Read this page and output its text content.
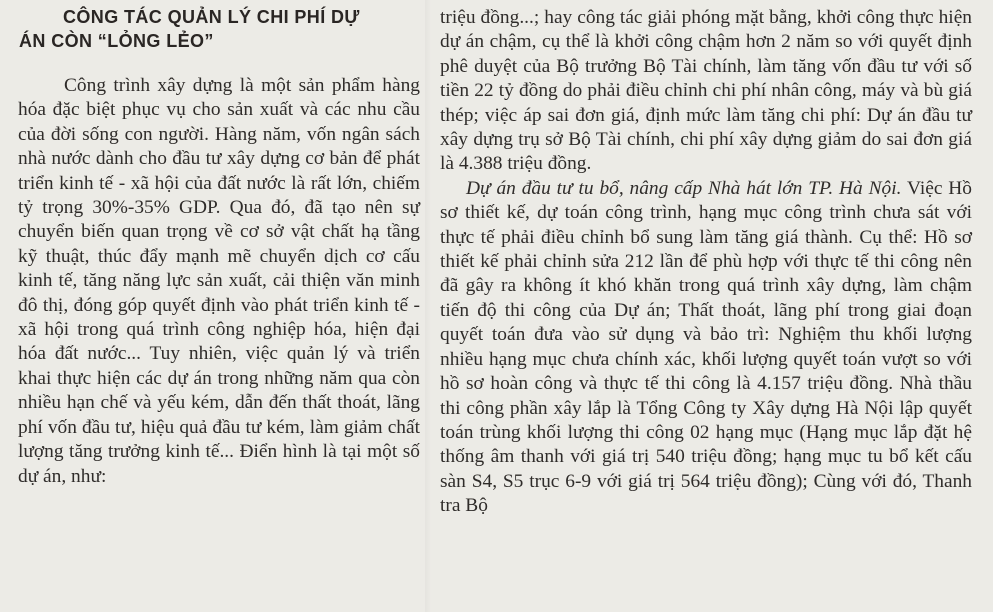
CÔNG TÁC QUẢN LÝ CHI PHÍ DỰ
ÁN CÒN “LỎNG LẺO”

Công trình xây dựng là một sản phẩm hàng hóa đặc biệt phục vụ cho sản xuất và các nhu cầu của đời sống con người. Hàng năm, vốn ngân sách nhà nước dành cho đầu tư xây dựng cơ bản để phát triển kinh tế - xã hội của đất nước là rất lớn, chiếm tỷ trọng 30%-35% GDP. Qua đó, đã tạo nên sự chuyển biến quan trọng về cơ sở vật chất hạ tầng kỹ thuật, thúc đẩy mạnh mẽ chuyển dịch cơ cấu kinh tế, tăng năng lực sản xuất, cải thiện văn minh đô thị, đóng góp quyết định vào phát triển kinh tế - xã hội trong quá trình công nghiệp hóa, hiện đại hóa đất nước... Tuy nhiên, việc quản lý và triển khai thực hiện các dự án trong những năm qua còn nhiều hạn chế và yếu kém, dẫn đến thất thoát, lãng phí vốn đầu tư, hiệu quả đầu tư kém, làm giảm chất lượng tăng trưởng kinh tế... Điển hình là tại một số dự án, như:

triệu đồng...; hay công tác giải phóng mặt bằng, khởi công thực hiện dự án chậm, cụ thể là khởi công chậm hơn 2 năm so với quyết định phê duyệt của Bộ trưởng Bộ Tài chính, làm tăng vốn đầu tư với số tiền 22 tỷ đồng do phải điều chỉnh chi phí nhân công, máy và bù giá thép; việc áp sai đơn giá, định mức làm tăng chi phí: Dự án đầu tư xây dựng trụ sở Bộ Tài chính, chi phí xây dựng giảm do sai đơn giá là 4.388 triệu đồng.

Dự án đầu tư tu bổ, nâng cấp Nhà hát lớn TP. Hà Nội. Việc Hồ sơ thiết kế, dự toán công trình, hạng mục công trình chưa sát với thực tế phải điều chỉnh bổ sung làm tăng giá thành. Cụ thể: Hồ sơ thiết kế phải chỉnh sửa 212 lần để phù hợp với thực tế thi công nên đã gây ra không ít khó khăn trong quá trình xây dựng, làm chậm tiến độ thi công của Dự án; Thất thoát, lãng phí trong giai đoạn quyết toán đưa vào sử dụng và bảo trì: Nghiệm thu khối lượng nhiều hạng mục chưa chính xác, khối lượng quyết toán vượt so với hồ sơ hoàn công và thực tế thi công là 4.157 triệu đồng. Nhà thầu thi công phần xây lắp là Tổng Công ty Xây dựng Hà Nội lập quyết toán trùng khối lượng thi công 02 hạng mục (Hạng mục lắp đặt hệ thống âm thanh với giá trị 540 triệu đồng; hạng mục tu bổ kết cấu sàn S4, S5 trục 6-9 với giá trị 564 triệu đồng); Cùng với đó, Thanh tra Bộ
